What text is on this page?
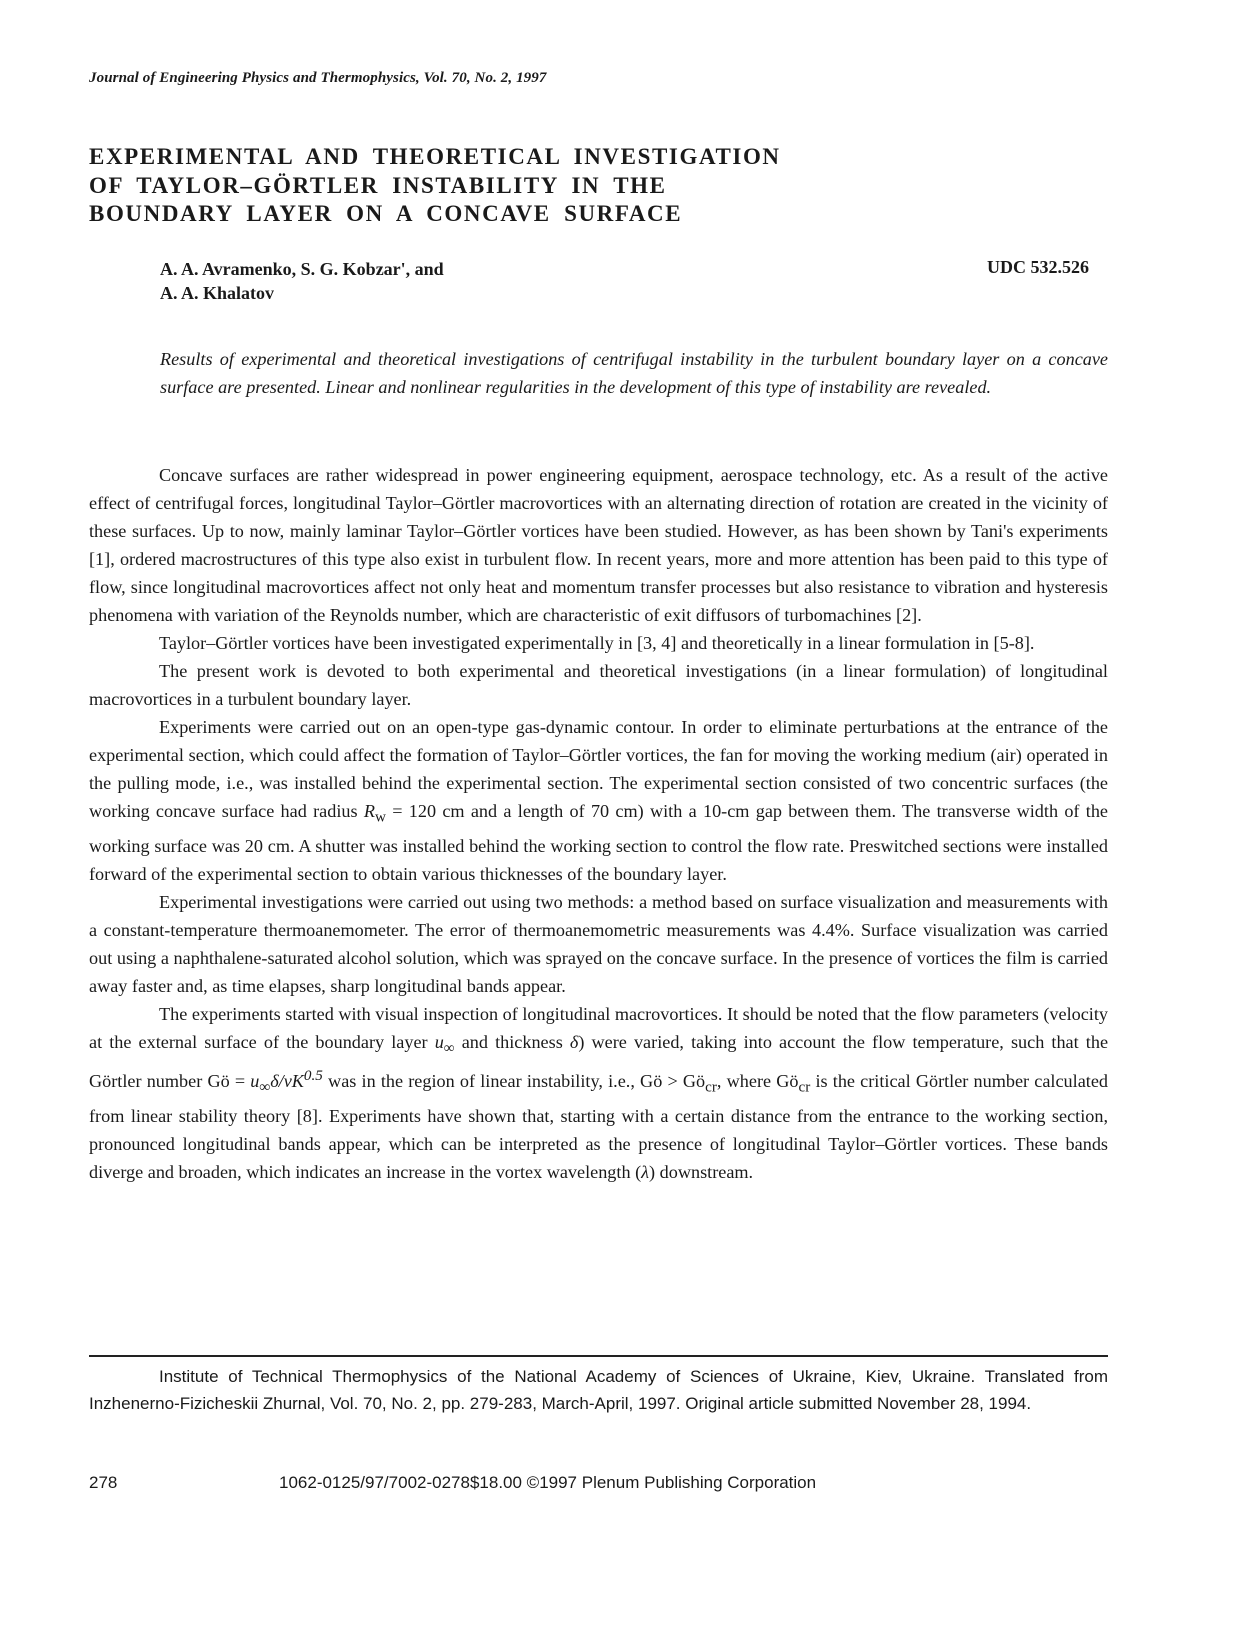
Journal of Engineering Physics and Thermophysics, Vol. 70, No. 2, 1997
EXPERIMENTAL AND THEORETICAL INVESTIGATION
OF TAYLOR–GÖRTLER INSTABILITY IN THE
BOUNDARY LAYER ON A CONCAVE SURFACE
A. A. Avramenko, S. G. Kobzar', and
A. A. Khalatov
UDC 532.526

Results of experimental and theoretical investigations of centrifugal instability in the turbulent boundary layer on a concave surface are presented. Linear and nonlinear regularities in the development of this type of instability are revealed.

Concave surfaces are rather widespread in power engineering equipment, aerospace technology, etc. As a result of the active effect of centrifugal forces, longitudinal Taylor–Görtler macrovortices with an alternating direction of rotation are created in the vicinity of these surfaces. Up to now, mainly laminar Taylor–Görtler vortices have been studied. However, as has been shown by Tani's experiments [1], ordered macrostructures of this type also exist in turbulent flow. In recent years, more and more attention has been paid to this type of flow, since longitudinal macrovortices affect not only heat and momentum transfer processes but also resistance to vibration and hysteresis phenomena with variation of the Reynolds number, which are characteristic of exit diffusors of turbomachines [2].

Taylor–Görtler vortices have been investigated experimentally in [3, 4] and theoretically in a linear formulation in [5-8].

The present work is devoted to both experimental and theoretical investigations (in a linear formulation) of longitudinal macrovortices in a turbulent boundary layer.

Experiments were carried out on an open-type gas-dynamic contour. In order to eliminate perturbations at the entrance of the experimental section, which could affect the formation of Taylor–Görtler vortices, the fan for moving the working medium (air) operated in the pulling mode, i.e., was installed behind the experimental section. The experimental section consisted of two concentric surfaces (the working concave surface had radius $R_w = 120$ cm and a length of 70 cm) with a 10-cm gap between them. The transverse width of the working surface was 20 cm. A shutter was installed behind the working section to control the flow rate. Preswitched sections were installed forward of the experimental section to obtain various thicknesses of the boundary layer.

Experimental investigations were carried out using two methods: a method based on surface visualization and measurements with a constant-temperature thermoanemometer. The error of thermoanemometric measurements was 4.4%. Surface visualization was carried out using a naphthalene-saturated alcohol solution, which was sprayed on the concave surface. In the presence of vortices the film is carried away faster and, as time elapses, sharp longitudinal bands appear.

The experiments started with visual inspection of longitudinal macrovortices. It should be noted that the flow parameters (velocity at the external surface of the boundary layer $u_\infty$ and thickness δ) were varied, taking into account the flow temperature, such that the Görtler number Gö = $u_\infty\delta/\nu K^{0.5}$ was in the region of linear instability, i.e., Gö > $Gö_{cr}$, where $Gö_{cr}$ is the critical Görtler number calculated from linear stability theory [8]. Experiments have shown that, starting with a certain distance from the entrance to the working section, pronounced longitudinal bands appear, which can be interpreted as the presence of longitudinal Taylor–Görtler vortices. These bands diverge and broaden, which indicates an increase in the vortex wavelength (λ) downstream.

Institute of Technical Thermophysics of the National Academy of Sciences of Ukraine, Kiev, Ukraine. Translated from Inzhenerno-Fizicheskii Zhurnal, Vol. 70, No. 2, pp. 279-283, March-April, 1997. Original article submitted November 28, 1994.

278	1062-0125/97/7002-0278$18.00 ©1997 Plenum Publishing Corporation
